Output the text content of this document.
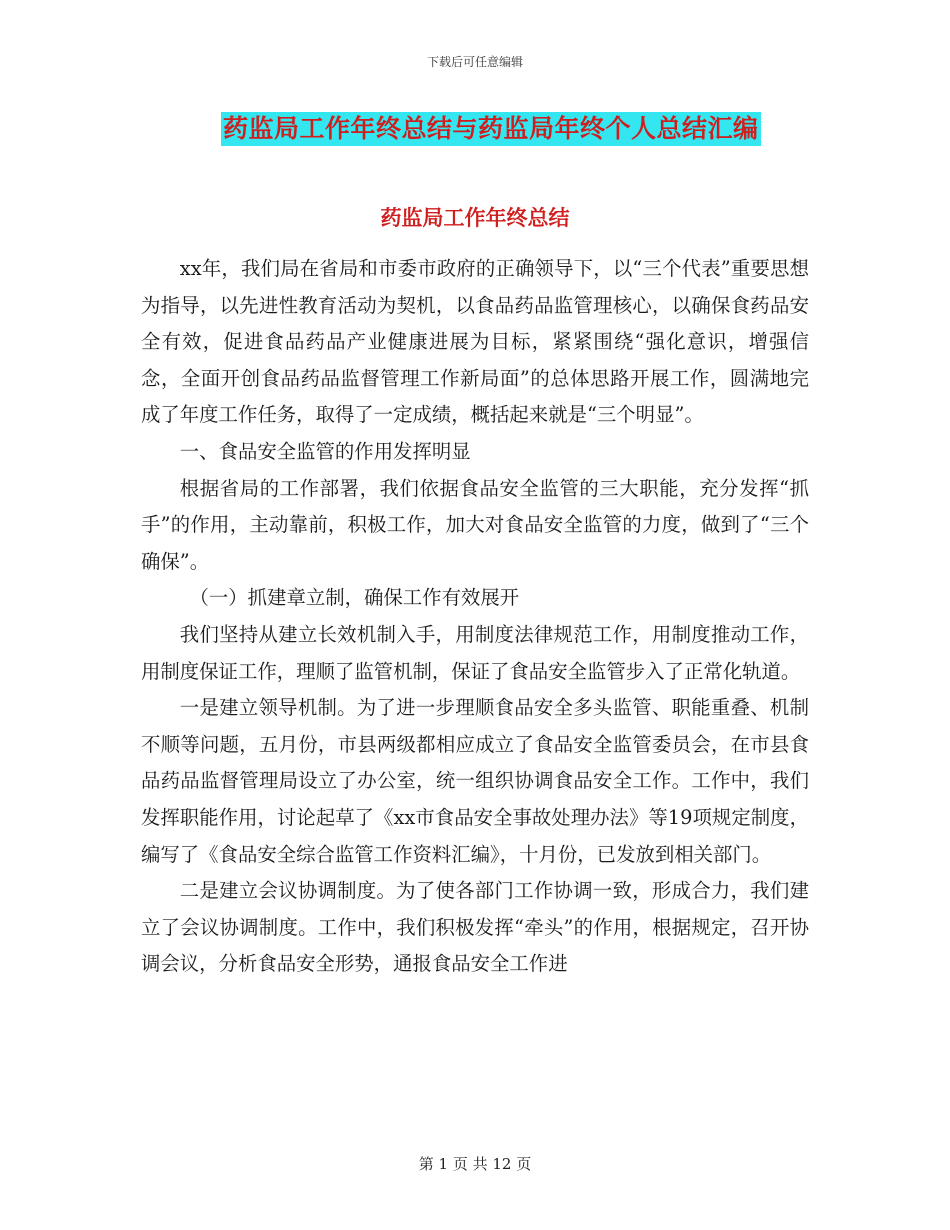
下载后可任意编辑
药监局工作年终总结与药监局年终个人总结汇编
药监局工作年终总结

xx年，我们局在省局和市委市政府的正确领导下，以“三个代表”重要思想为指导，以先进性教育活动为契机，以食品药品监管理核心，以确保食药品安全有效，促进食品药品产业健康进展为目标，紧紧围绕“强化意识，增强信念，全面开创食品药品监督管理工作新局面”的总体思路开展工作，圆满地完成了年度工作任务，取得了一定成绩，概括起来就是“三个明显”。

一、食品安全监管的作用发挥明显

根据省局的工作部署，我们依据食品安全监管的三大职能，充分发挥“抓手”的作用，主动靠前，积极工作，加大对食品安全监管的力度，做到了“三个确保”。

（一）抓建章立制，确保工作有效展开

我们坚持从建立长效机制入手，用制度法律规范工作，用制度推动工作，用制度保证工作，理顺了监管机制，保证了食品安全监管步入了正常化轨道。

一是建立领导机制。为了进一步理顺食品安全多头监管、职能重叠、机制不顺等问题，五月份，市县两级都相应成立了食品安全监管委员会，在市县食品药品监督管理局设立了办公室，统一组织协调食品安全工作。工作中，我们发挥职能作用，讨论起草了《xx市食品安全事故处理办法》等19项规定制度，编写了《食品安全综合监管工作资料汇编》，十月份，已发放到相关部门。

二是建立会议协调制度。为了使各部门工作协调一致，形成合力，我们建立了会议协调制度。工作中，我们积极发挥“牵头”的作用，根据规定，召开协调会议，分析食品安全形势，通报食品安全工作进

第 1 页 共 12 页
